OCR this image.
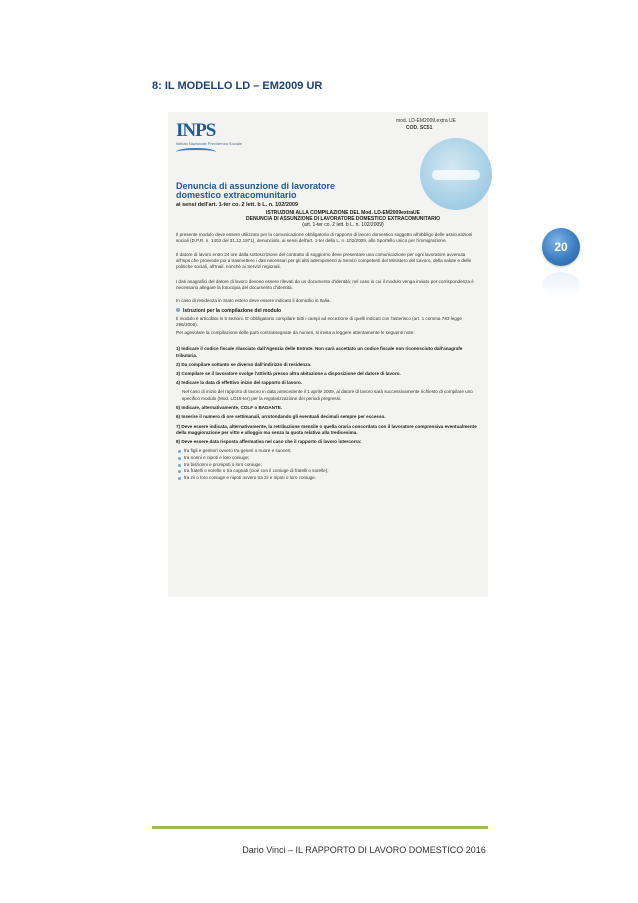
8: IL MODELLO LD – EM2009 UR
INPS
Istituto Nazionale Previdenza Sociale
mod. LD-EM2009.extra UE
COD. SC51
Denuncia di assunzione di lavoratore
domestico extracomunitario
ai sensi dell'art. 1-ter co. 2 lett. b L. n. 102/2009
ISTRUZIONI ALLA COMPILAZIONE DEL Mod. LD-EM2009extraUE
DENUNCIA DI ASSUNZIONE DI LAVORATORE DOMESTICO EXTRACOMUNITARIO
(art. 1-ter co. 2 lett. b L. n. 102/2009)
Il presente modulo deve essere utilizzato per la comunicazione obbligatoria di rapporto di lavoro domestico soggetto all'obbligo delle assicurazioni sociali (D.P.R. n. 1403 del 31.12.1971), denunciato, ai sensi dell'art. 1-ter della L. n. 102/2009, allo Sportello unico per l'immigrazione.
Il datore di lavoro entro 24 ore dalla sottoscrizione del contratto di soggiorno deve presentare una comunicazione per ogni lavoratore avvenuta all'Inps che provvede poi a trasmettere i dati necessari per gli altri adempimenti ai Servizi competenti del Ministero del Lavoro, della salute e delle politiche sociali, all'Inail, nonchè ai Servizi regionali.
I dati anagrafici del datore di lavoro devono essere rilevati da un documento d'identità; nel caso in cui il modulo venga inviato per corrispondenza è necessario allegare la fotocopia del documento d'identità.
In caso di residenza in Stato estero deve essere indicato il domicilio in Italia.
Istruzioni per la compilazione del modulo
Il modulo è articolato in 5 sezioni. E' obbligatorio compilare tutti i campi ad eccezione di quelli indicati con l'asterisco (art. 1 comma 783 legge 296/2006).
Per agevolare la compilazione delle parti contrassegnate da numeri, si invita a leggere attentamente le seguenti note:

1) Indicare il codice fiscale rilasciato dall'Agenzia delle Entrate. Non sarà accettato un codice fiscale non riconosciuto dall'anagrafe tributaria.

2) Da compilare soltanto se diverso dall'indirizzo di residenza.

3) Compilare se il lavoratore svolge l'attività presso altra abitazione a disposizione del datore di lavoro.

4) Indicare la data di effettivo inizio del rapporto di lavoro.

Nel caso di inizio del rapporto di lavoro in data antecedente il 1 aprile 2009, al datore di lavoro sarà successivamente richiesto di compilare uno specifico modulo (Mod. LD15-ter) per la regolarizzazione dei periodi pregressi.

5) Indicare, alternativamente, COLF o BADANTE.

6) Inserire il numero di ore settimanali, arrotondando gli eventuali decimali sempre per eccesso.

7) Deve essere indicata, alternativamente, la retribuzione mensile o quella oraria concordata con il lavoratore comprensiva eventualmente della maggiorazione per vitto e alloggio ma senza la quota relativa alla tredicesima.

8) Deve essere data risposta affermativa nel caso che il rapporto di lavoro intercorra:

tra figli e genitori ovvero tra generi o nuore e suoceri;
tra nonni e nipoti e loro coniuge;
tra bisnonni e pronipoti o loro coniuge;
tra fratelli o sorelle o tra cognati (cioè con il coniuge di fratelli o sorelle);
tra zii o loro coniuge e nipoti ovvero tra zii e nipoti o loro coniuge.
20
Dario Vinci – IL RAPPORTO DI LAVORO DOMESTICO 2016
